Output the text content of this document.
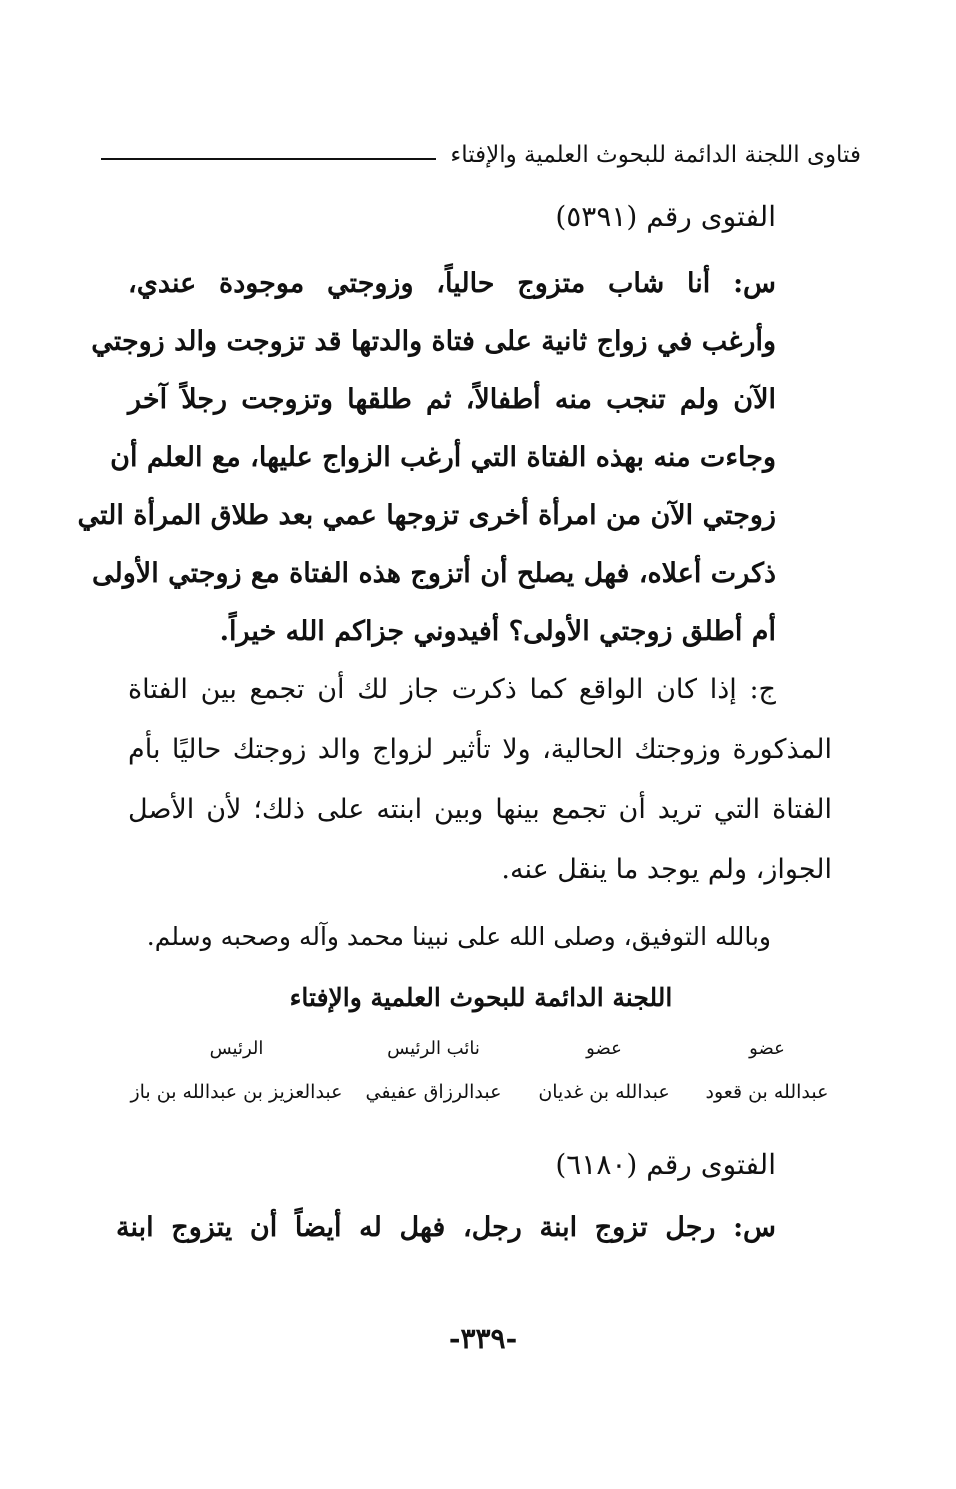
فتاوى اللجنة الدائمة للبحوث العلمية والإفتاء
الفتوى رقم (٥٣٩١)
س: أنا شاب متزوج حالياً، وزوجتي موجودة عندي،
وأرغب في زواج ثانية على فتاة والدتها قد تزوجت والد زوجتي
الآن ولم تنجب منه أطفالاً، ثم طلقها وتزوجت رجلاً آخر
وجاءت منه بهذه الفتاة التي أرغب الزواج عليها، مع العلم أن
زوجتي الآن من امرأة أخرى تزوجها عمي بعد طلاق المرأة التي
ذكرت أعلاه، فهل يصلح أن أتزوج هذه الفتاة مع زوجتي الأولى
أم أطلق زوجتي الأولى؟ أفيدوني جزاكم الله خيراً.
ج: إذا كان الواقع كما ذكرت جاز لك أن تجمع بين الفتاة
المذكورة وزوجتك الحالية، ولا تأثير لزواج والد زوجتك حاليًا بأم
الفتاة التي تريد أن تجمع بينها وبين ابنته على ذلك؛ لأن الأصل
الجواز، ولم يوجد ما ينقل عنه.
وبالله التوفيق، وصلى الله على نبينا محمد وآله وصحبه وسلم.
اللجنة الدائمة للبحوث العلمية والإفتاء
عضو
عبدالله بن قعود
عضو
عبدالله بن غديان
نائب الرئيس
عبدالرزاق عفيفي
الرئيس
عبدالعزيز بن عبدالله بن باز
الفتوى رقم (٦١٨٠)
س: رجل تزوج ابنة رجل، فهل له أيضاً أن يتزوج ابنة
-٣٣٩-
